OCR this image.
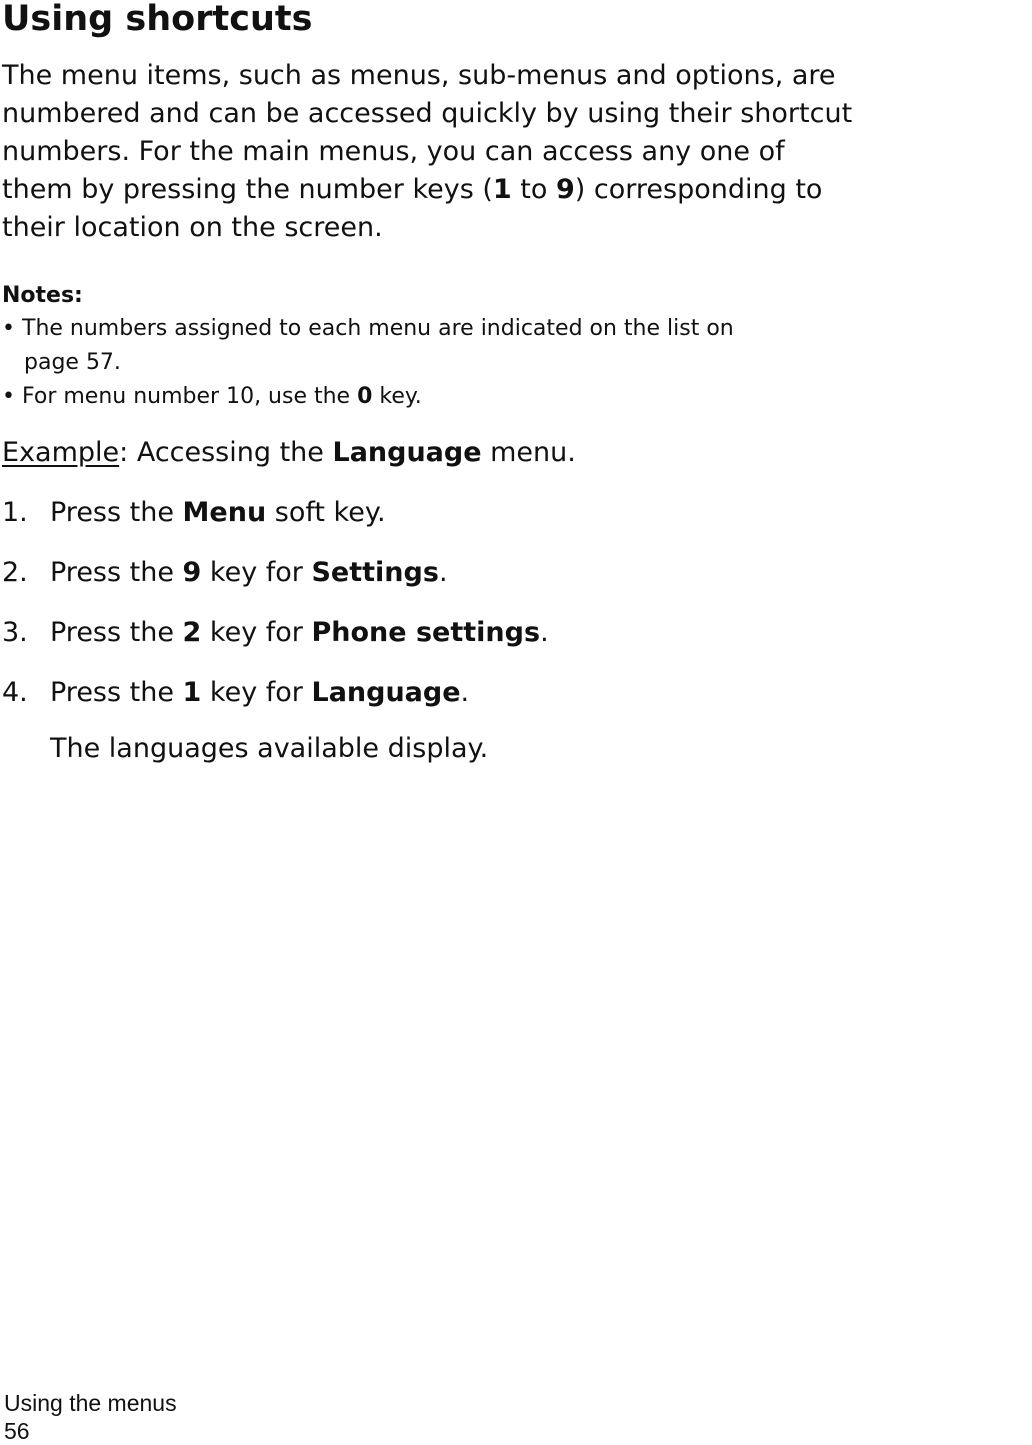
Using shortcuts

The menu items, such as menus, sub-menus and options, are
numbered and can be accessed quickly by using their shortcut
numbers. For the main menus, you can access any one of
them by pressing the number keys (1 to 9) corresponding to
their location on the screen.

Notes:
• The numbers assigned to each menu are indicated on the list on
page 57.
• For menu number 10, use the 0 key.

Example: Accessing the Language menu.

1. Press the Menu soft key.
2. Press the 9 key for Settings.
3. Press the 2 key for Phone settings.
4. Press the 1 key for Language.

The languages available display.

Using the menus
56
